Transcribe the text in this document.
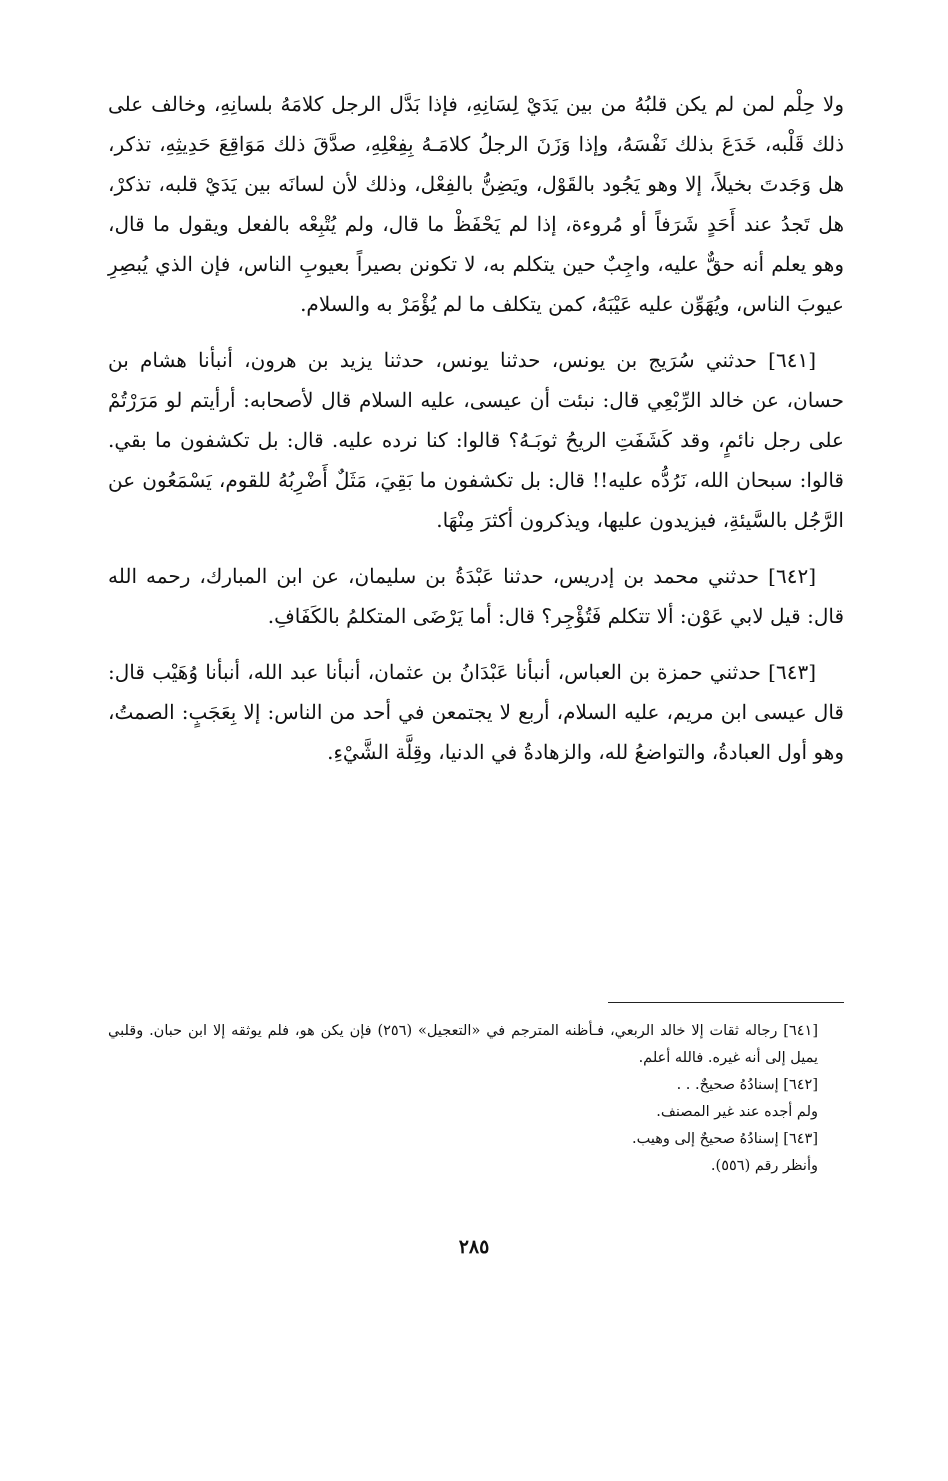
ولا حِلْم لمن لم يكن قلبُهُ من بين يَدَيْ لِسَانِهِ، فإذا بَدَّل الرجل كلامَهُ بلسانِهِ، وخالف على ذلك قَلْبه، خَدَعَ بذلك نَفْسَهُ، وإذا وَزَنَ الرجلُ كلامَـهُ بِفِعْلِهِ، صدَّقَ ذلك مَوَاقِعَ حَدِيثِهِ، تذكر، هل وَجَدتَ بخيلاً، إلا وهو يَجُود بالقَوْل، ويَضِنُّ بالفِعْل، وذلك لأن لسانَه بين يَدَيْ قلبه، تذكرْ، هل تَجدُ عند أَحَدٍ شَرَفاً أو مُروءة، إذا لم يَحْفَظْ ما قال، ولم يُتْبِعْه بالفعل ويقول ما قال، وهو يعلم أنه حقٌّ عليه، واجِبٌ حين يتكلم به، لا تكونن بصيراً بعيوبِ الناس، فإن الذي يُبصِرِ عيوبَ الناس، ويُهَوِّن عليه عَيْبَهُ، كمن يتكلف ما لم يُؤْمَرْ به والسلام.

[٦٤١] حدثني سُرَيج بن يونس، حدثنا يونس، حدثنا يزيد بن هرون، أنبأنا هشام بن حسان، عن خالد الرِّبْعِي قال: نبئت أن عيسى، عليه السلام قال لأصحابه: أرأيتم لو مَرَرْتُمْ على رجل نائمٍ، وقد كَشَفَتِ الريحُ ثوبَـهُ؟ قالوا: كنا نرده عليه. قال: بل تكشفون ما بقي. قالوا: سبحان الله، نَرُدُّه عليه!! قال: بل تكشفون ما بَقِيَ، مَثَلٌ أَضْرِبُهُ للقوم، يَسْمَعُون عن الرَّجُل بالسَّيئةِ، فيزيدون عليها، ويذكرون أكثرَ مِنْهَا.

[٦٤٢] حدثني محمد بن إدريس، حدثنا عَبْدَةُ بن سليمان، عن ابن المبارك، رحمه الله قال: قيل لابي عَوْن: ألا تتكلم فَتُؤْجِر؟ قال: أما يَرْضَى المتكلمُ بالكَفَافِ.

[٦٤٣] حدثني حمزة بن العباس، أنبأنا عَبْدَانُ بن عثمان، أنبأنا عبد الله، أنبأنا وُهَيْب قال: قال عيسى ابن مريم، عليه السلام، أربع لا يجتمعن في أحد من الناس: إلا بِعَجَبٍ: الصمتُ، وهو أول العبادةُ، والتواضعُ لله، والزهادةُ في الدنيا، وقِلَّة الشَّيْءِ.

[٦٤١] رجاله ثقات إلا خالد الربعي، فـأظنه المترجم في «التعجيل» (٢٥٦) فإن يكن هو، فلم يوثقه إلا ابن حبان. وقلبي يميل إلى أنه غيره. فالله أعلم.

[٦٤٢] إسنادُهُ صحيحٌ. . .

ولم أجده عند غير المصنف.

[٦٤٣] إسنادُهُ صحيحٌ إلى وهيب.

وأنظر رقم (٥٥٦).

٢٨٥
